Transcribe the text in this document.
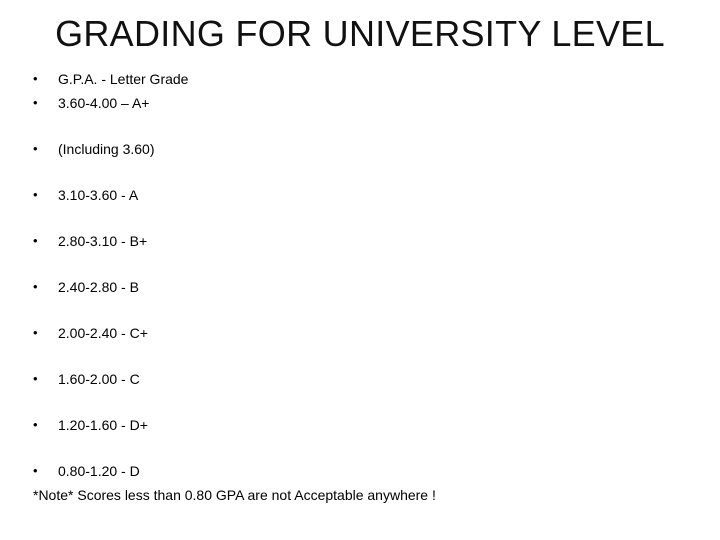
GRADING FOR UNIVERSITY LEVEL
• G.P.A. - Letter Grade
• 3.60-4.00 – A+
• (Including 3.60)
• 3.10-3.60 - A
• 2.80-3.10 - B+
• 2.40-2.80 - B
• 2.00-2.40 - C+
• 1.60-2.00 - C
• 1.20-1.60 - D+
• 0.80-1.20 - D
*Note* Scores less than 0.80 GPA are not Acceptable anywhere !
